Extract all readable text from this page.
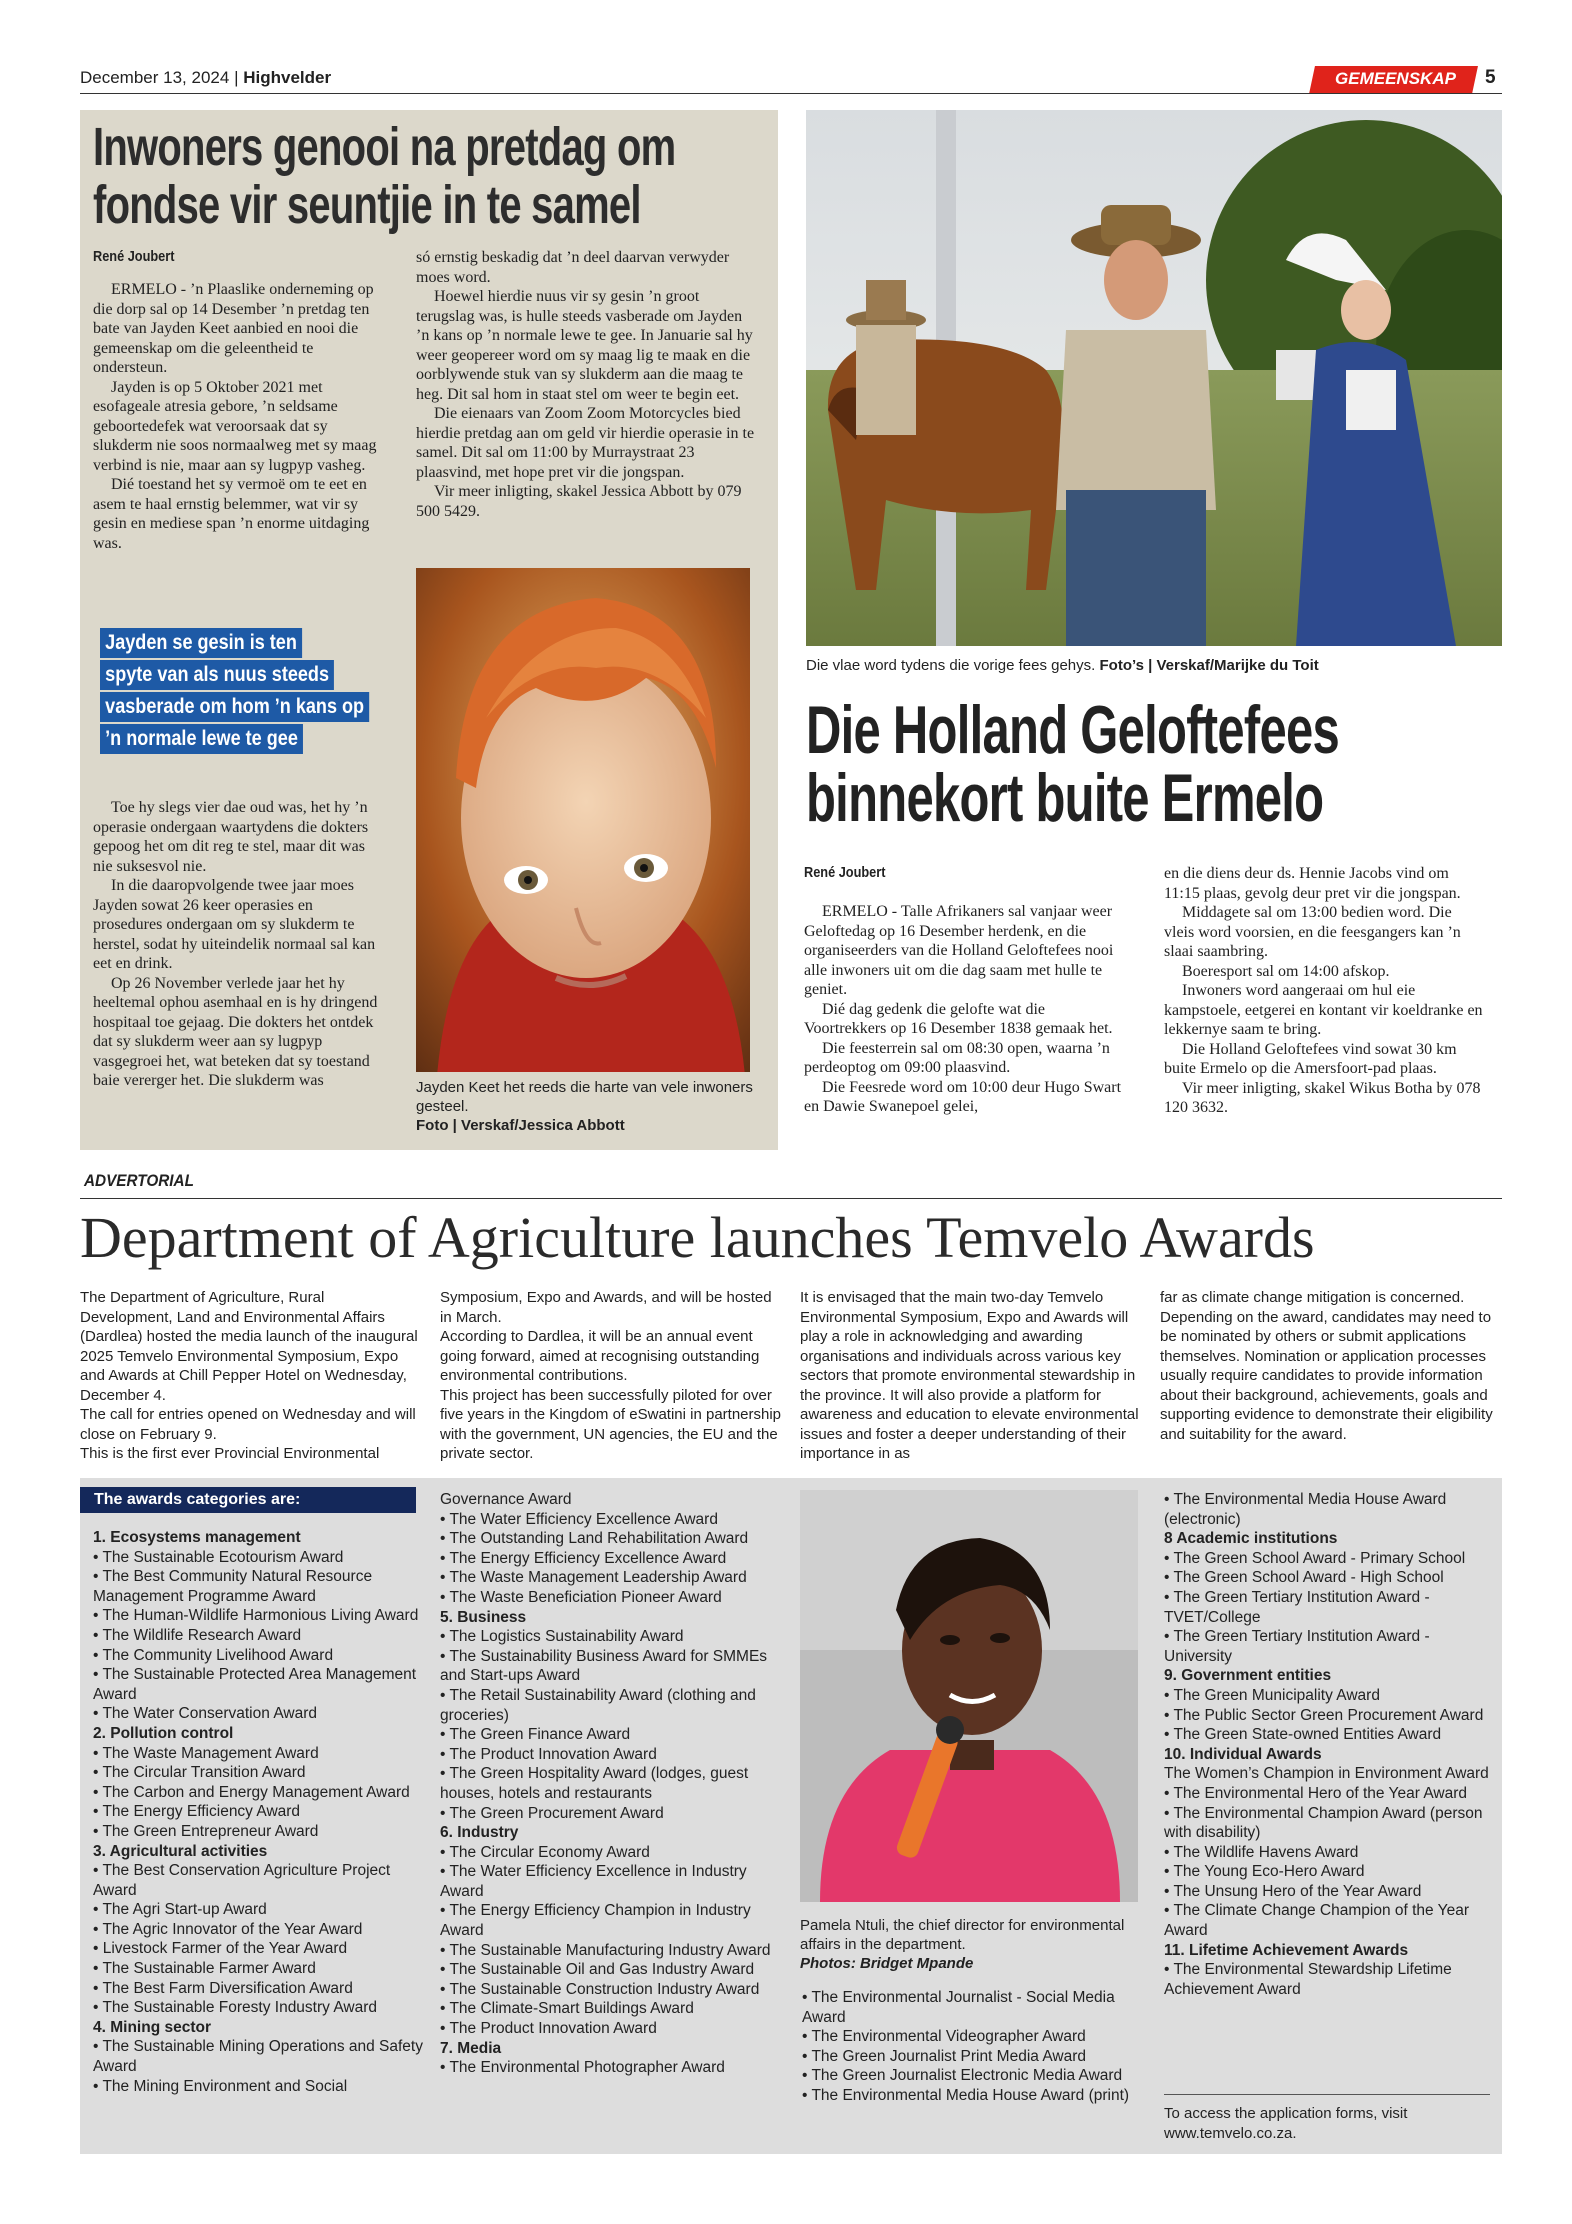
December 13, 2024 | Highvelder	GEMEENSKAP	5
Inwoners genooi na pretdag om
fondse vir seuntjie in te samel
René Joubert

ERMELO - ’n Plaaslike onderneming op die dorp sal op 14 Desember ’n pretdag ten bate van Jayden Keet aanbied en nooi die gemeenskap om die geleentheid te ondersteun.

Jayden is op 5 Oktober 2021 met esofageale atresia gebore, ’n seldsame geboortedefek wat veroorsaak dat sy slukderm nie soos normaalweg met sy maag verbind is nie, maar aan sy lugpyp vasheg.

Dié toestand het sy vermoë om te eet en asem te haal ernstig belemmer, wat vir sy gesin en mediese span ’n enorme uitdaging was.

Jayden se gesin is ten
spyte van als nuus steeds
vasberade om hom ’n kans op
’n normale lewe te gee

Toe hy slegs vier dae oud was, het hy ’n operasie ondergaan waartydens die dokters gepoog het om dit reg te stel, maar dit was nie suksesvol nie.

In die daaropvolgende twee jaar moes Jayden sowat 26 keer operasies en prosedures ondergaan om sy slukderm te herstel, sodat hy uiteindelik normaal sal kan eet en drink.

Op 26 November verlede jaar het hy heeltemal ophou asemhaal en is hy dringend hospitaal toe gejaag. Die dokters het ontdek dat sy slukderm weer aan sy lugpyp vasgegroei het, wat beteken dat sy toestand baie vererger het. Die slukderm was

só ernstig beskadig dat ’n deel daarvan verwyder moes word.

Hoewel hierdie nuus vir sy gesin ’n groot terugslag was, is hulle steeds vasberade om Jayden ’n kans op ’n normale lewe te gee. In Januarie sal hy weer geopereer word om sy maag lig te maak en die oorblywende stuk van sy slukderm aan die maag te heg. Dit sal hom in staat stel om weer te begin eet.

Die eienaars van Zoom Zoom Motorcycles bied hierdie pretdag aan om geld vir hierdie operasie in te samel. Dit sal om 11:00 by Murraystraat 23 plaasvind, met hope pret vir die jongspan.

Vir meer inligting, skakel Jessica Abbott by 079 500 5429.

Jayden Keet het reeds die harte van vele inwoners gesteel.
Foto | Verskaf/Jessica Abbott
Die vlae word tydens die vorige fees gehys. Foto’s | Verskaf/Marijke du Toit
Die Holland Geloftefees
binnekort buite Ermelo
René Joubert

ERMELO - Talle Afrikaners sal vanjaar weer Geloftedag op 16 Desember herdenk, en die organiseerders van die Holland Geloftefees nooi alle inwoners uit om die dag saam met hulle te geniet.

Dié dag gedenk die gelofte wat die Voortrekkers op 16 Desember 1838 gemaak het.

Die feesterrein sal om 08:30 open, waarna ’n perdeoptog om 09:00 plaasvind.

Die Feesrede word om 10:00 deur Hugo Swart en Dawie Swanepoel gelei,

en die diens deur ds. Hennie Jacobs vind om 11:15 plaas, gevolg deur pret vir die jongspan.

Middagete sal om 13:00 bedien word. Die vleis word voorsien, en die feesgangers kan ’n slaai saambring.

Boeresport sal om 14:00 afskop.

Inwoners word aangeraai om hul eie kampstoele, eetgerei en kontant vir koeldranke en lekkernye saam te bring.

Die Holland Geloftefees vind sowat 30 km buite Ermelo op die Amersfoort-pad plaas.

Vir meer inligting, skakel Wikus Botha by 078 120 3632.

ADVERTORIAL
Department of Agriculture launches Temvelo Awards

The Department of Agriculture, Rural Development, Land and Environmental Affairs (Dardlea) hosted the media launch of the inaugural 2025 Temvelo Environmental Symposium, Expo and Awards at Chill Pepper Hotel on Wednesday, December 4.

The call for entries opened on Wednesday and will close on February 9.

This is the first ever Provincial Environmental

Symposium, Expo and Awards, and will be hosted in March.

According to Dardlea, it will be an annual event going forward, aimed at recognising outstanding environmental contributions.

This project has been successfully piloted for over five years in the Kingdom of eSwatini in partnership with the government, UN agencies, the EU and the private sector.

It is envisaged that the main two-day Temvelo Environmental Symposium, Expo and Awards will play a role in acknowledging and awarding organisations and individuals across various key sectors that promote environmental stewardship in the province. It will also provide a platform for awareness and education to elevate environmental issues and foster a deeper understanding of their importance in as

far as climate change mitigation is concerned. Depending on the award, candidates may need to be nominated by others or submit applications themselves. Nomination or application processes usually require candidates to provide information about their background, achievements, goals and supporting evidence to demonstrate their eligibility and suitability for the award.

The awards categories are:
1. Ecosystems management
• The Sustainable Ecotourism Award
• The Best Community Natural Resource Management Programme Award
• The Human-Wildlife Harmonious Living Award
• The Wildlife Research Award
• The Community Livelihood Award
• The Sustainable Protected Area Management Award
• The Water Conservation Award
2. Pollution control
• The Waste Management Award
• The Circular Transition Award
• The Carbon and Energy Management Award
• The Energy Efficiency Award
• The Green Entrepreneur Award
3. Agricultural activities
• The Best Conservation Agriculture Project Award
• The Agri Start-up Award
• The Agric Innovator of the Year Award
• Livestock Farmer of the Year Award
• The Sustainable Farmer Award
• The Best Farm Diversification Award
• The Sustainable Foresty Industry Award
4. Mining sector
• The Sustainable Mining Operations and Safety Award
• The Mining Environment and Social
Governance Award
• The Water Efficiency Excellence Award
• The Outstanding Land Rehabilitation Award
• The Energy Efficiency Excellence Award
• The Waste Management Leadership Award
• The Waste Beneficiation Pioneer Award
5. Business
• The Logistics Sustainability Award
• The Sustainability Business Award for SMMEs and Start-ups Award
• The Retail Sustainability Award (clothing and groceries)
• The Green Finance Award
• The Product Innovation Award
• The Green Hospitality Award (lodges, guest houses, hotels and restaurants
• The Green Procurement Award
6. Industry
• The Circular Economy Award
• The Water Efficiency Excellence in Industry Award
• The Energy Efficiency Champion in Industry Award
• The Sustainable Manufacturing Industry Award
• The Sustainable Oil and Gas Industry Award
• The Sustainable Construction Industry Award
• The Climate-Smart Buildings Award
• The Product Innovation Award
7. Media
• The Environmental Photographer Award
Pamela Ntuli, the chief director for environmental affairs in the department.
Photos: Bridget Mpande
• The Environmental Journalist - Social Media Award
• The Environmental Videographer Award
• The Green Journalist Print Media Award
• The Green Journalist Electronic Media Award
• The Environmental Media House Award (print)
• The Environmental Media House Award (electronic)
8 Academic institutions
• The Green School Award - Primary School
• The Green School Award - High School
• The Green Tertiary Institution Award - TVET/College
• The Green Tertiary Institution Award - University
9. Government entities
• The Green Municipality Award
• The Public Sector Green Procurement Award
• The Green State-owned Entities Award
10. Individual Awards
The Women’s Champion in Environment Award
• The Environmental Hero of the Year Award
• The Environmental Champion Award (person with disability)
• The Wildlife Havens Award
• The Young Eco-Hero Award
• The Unsung Hero of the Year Award
• The Climate Change Champion of the Year Award
11. Lifetime Achievement Awards
• The Environmental Stewardship Lifetime Achievement Award
To access the application forms, visit www.temvelo.co.za.
